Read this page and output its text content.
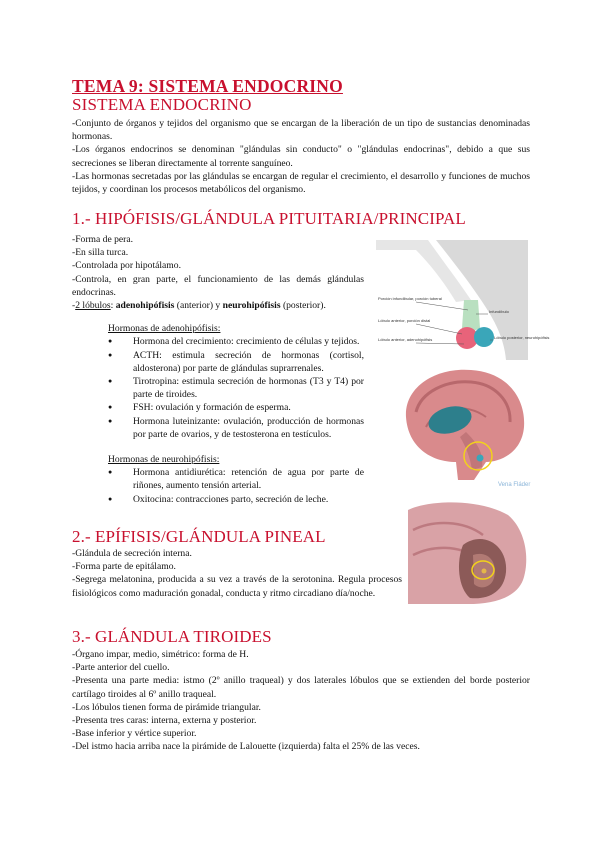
TEMA 9: SISTEMA ENDOCRINO
SISTEMA ENDOCRINO

-Conjunto de órganos y tejidos del organismo que se encargan de la liberación de un tipo de sustancias denominadas hormonas.

-Los órganos endocrinos se denominan "glándulas sin conducto" o "glándulas endocrinas", debido a que sus secreciones se liberan directamente al torrente sanguíneo.

-Las hormonas secretadas por las glándulas se encargan de regular el crecimiento, el desarrollo y funciones de muchos tejidos, y coordinan los procesos metabólicos del organismo.

1.- HIPÓFISIS/GLÁNDULA PITUITARIA/PRINCIPAL

-Forma de pera.

-En silla turca.

-Controlada por hipotálamo.

-Controla, en gran parte, el funcionamiento de las demás glándulas endocrinas.

-2 lóbulos: adenohipófisis (anterior) y neurohipófisis (posterior).

Hormonas de adenohipófisis:

● Hormona del crecimiento: crecimiento de células y tejidos.
● ACTH: estimula secreción de hormonas (cortisol, aldosterona) por parte de glándulas suprarrenales.
● Tirotropina: estimula secreción de hormonas (T3 y T4) por parte de tiroides.
● FSH: ovulación y formación de esperma.
● Hormona luteinizante: ovulación, producción de hormonas por parte de ovarios, y de testosterona en testículos.

Hormonas de neurohipófisis:

● Hormona antidiurética: retención de agua por parte de riñones, aumento tensión arterial.
● Oxitocina: contracciones parto, secreción de leche.
Porción infundibular, porción tuberal
Lóbulo anterior, porción distal
Lóbulo anterior, adenohipófisis
Infundíbulo
Lóbulo posterior, neurohipófisis
Vena Fláder
2.- EPÍFISIS/GLÁNDULA PINEAL

-Glándula de secreción interna.

-Forma parte de epitálamo.

-Segrega melatonina, producida a su vez a través de la serotonina. Regula procesos fisiológicos como maduración gonadal, conducta y ritmo circadiano día/noche.

3.- GLÁNDULA TIROIDES

-Órgano impar, medio, simétrico: forma de H.

-Parte anterior del cuello.

-Presenta una parte media: istmo (2º anillo traqueal) y dos laterales lóbulos que se extienden del borde posterior cartílago tiroides al 6º anillo traqueal.

-Los lóbulos tienen forma de pirámide triangular.

-Presenta tres caras: interna, externa y posterior.

-Base inferior y vértice superior.

-Del istmo hacia arriba nace la pirámide de Lalouette (izquierda) falta el 25% de las veces.
